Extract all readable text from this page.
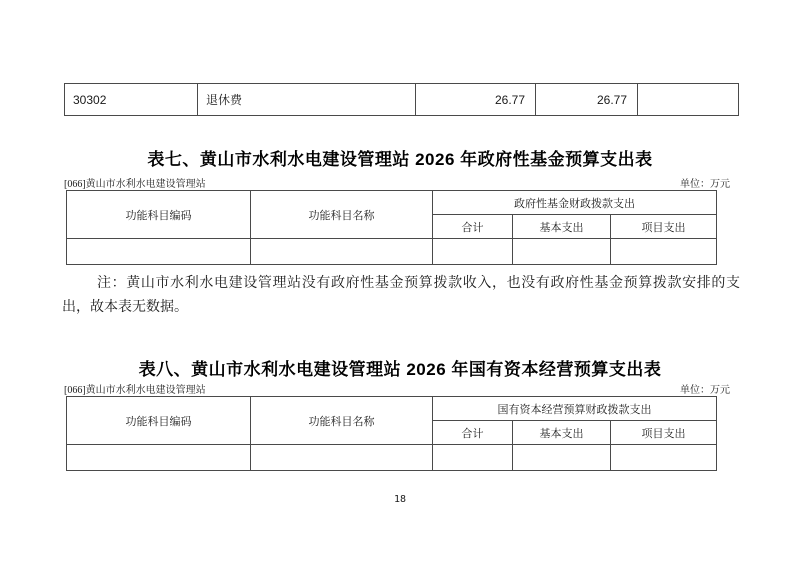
30302	退休费	26.77	26.77	
表七、黄山市水利水电建设管理站 2026 年政府性基金预算支出表
[066]黄山市水利水电建设管理站	单位：万元
功能科目编码	功能科目名称	政府性基金财政拨款支出		
		合计	基本支出	项目支出

注：黄山市水利水电建设管理站没有政府性基金预算拨款收入，也没有政府性基金预算拨款安排的支出，故本表无数据。

表八、黄山市水利水电建设管理站 2026 年国有资本经营预算支出表
[066]黄山市水利水电建设管理站	单位：万元
功能科目编码	功能科目名称	国有资本经营预算财政拨款支出		
		合计	基本支出	项目支出

18
